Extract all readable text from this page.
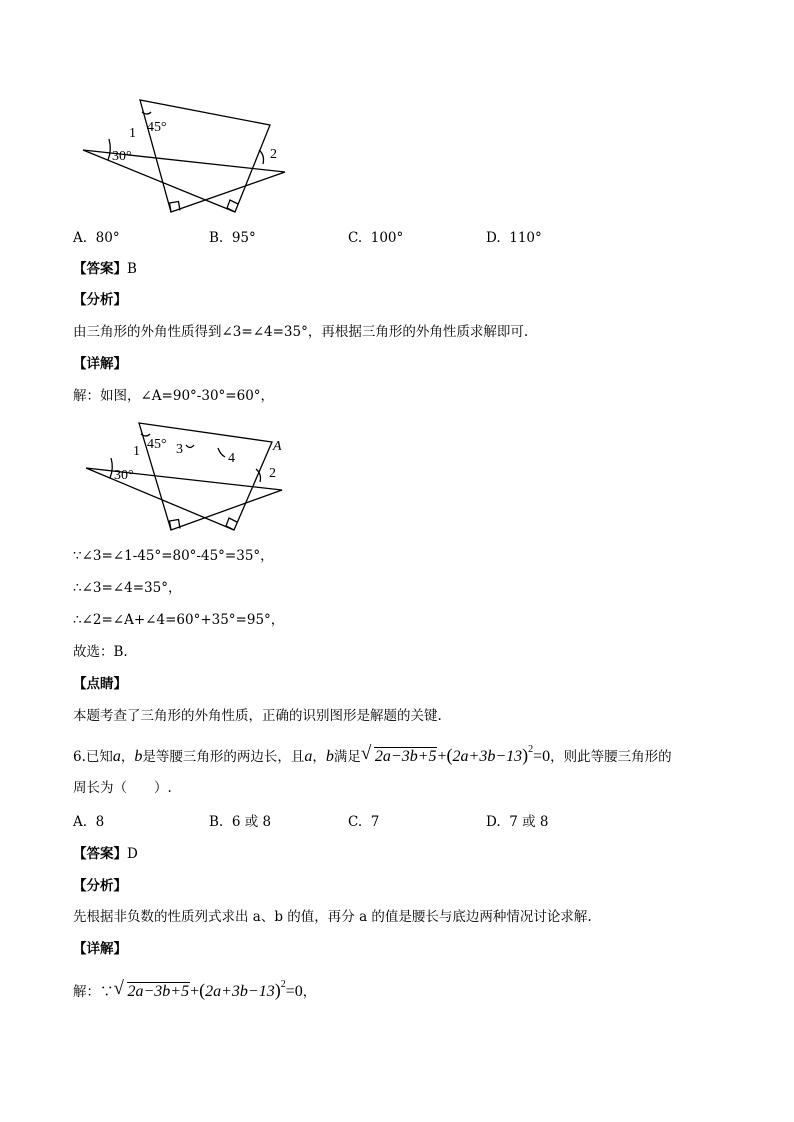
1 45°
30°	2
A. 80°	B. 95°	C. 100°	D. 110°
【答案】B
【分析】
由三角形的外角性质得到∠3=∠4=35°，再根据三角形的外角性质求解即可.
【详解】
解：如图，∠A=90°-30°=60°，
1 45° 3
4
A
30°	2
∵∠3=∠1-45°=80°-45°=35°，
∴∠3=∠4=35°，
∴∠2=∠A+∠4=60°+35°=95°，
故选：B.
【点睛】
本题考查了三角形的外角性质，正确的识别图形是解题的关键.
6.已知a，b是等腰三角形的两边长，且a，b满足 √ $2a-3b+5+(2a+3b-13)^2=0$，则此等腰三角形的
周长为（　　）.
A. 8	B. 6 或 8	C. 7	D. 7 或 8
【答案】D
【分析】
先根据非负数的性质列式求出 a、b 的值，再分 a 的值是腰长与底边两种情况讨论求解.
【详解】
解：∵ √ $2a-3b+5+(2a+3b-13)^2=0$，
